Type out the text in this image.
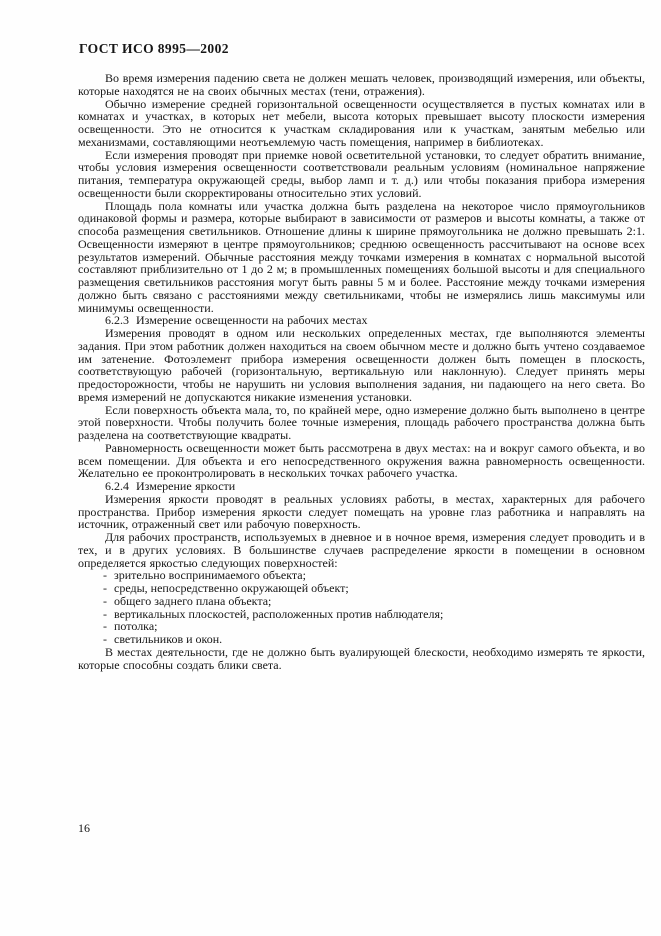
ГОСТ ИСО 8995—2002

Во время измерения падению света не должен мешать человек, производящий измерения, или объекты, которые находятся не на своих обычных местах (тени, отражения).

Обычно измерение средней горизонтальной освещенности осуществляется в пустых комнатах или в комнатах и участках, в которых нет мебели, высота которых превышает высоту плоскости измерения освещенности. Это не относится к участкам складирования или к участкам, занятым мебелью или механизмами, составляющими неотъемлемую часть помещения, например в библиотеках.

Если измерения проводят при приемке новой осветительной установки, то следует обратить внимание, чтобы условия измерения освещенности соответствовали реальным условиям (номинальное напряжение питания, температура окружающей среды, выбор ламп и т. д.) или чтобы показания прибора измерения освещенности были скорректированы относительно этих условий.

Площадь пола комнаты или участка должна быть разделена на некоторое число прямоугольников одинаковой формы и размера, которые выбирают в зависимости от размеров и высоты комнаты, а также от способа размещения светильников. Отношение длины к ширине прямоугольника не должно превышать 2:1. Освещенности измеряют в центре прямоугольников; среднюю освещенность рассчитывают на основе всех результатов измерений. Обычные расстояния между точками измерения в комнатах с нормальной высотой составляют приблизительно от 1 до 2 м; в промышленных помещениях большой высоты и для специального размещения светильников расстояния могут быть равны 5 м и более. Расстояние между точками измерения должно быть связано с расстояниями между светильниками, чтобы не измерялись лишь максимумы или минимумы освещенности.

6.2.3  Измерение освещенности на рабочих местах

Измерения проводят в одном или нескольких определенных местах, где выполняются элементы задания. При этом работник должен находиться на своем обычном месте и должно быть учтено создаваемое им затенение. Фотоэлемент прибора измерения освещенности должен быть помещен в плоскость, соответствующую рабочей (горизонтальную, вертикальную или наклонную). Следует принять меры предосторожности, чтобы не нарушить ни условия выполнения задания, ни падающего на него света. Во время измерений не допускаются никакие изменения установки.

Если поверхность объекта мала, то, по крайней мере, одно измерение должно быть выполнено в центре этой поверхности. Чтобы получить более точные измерения, площадь рабочего пространства должна быть разделена на соответствующие квадраты.

Равномерность освещенности может быть рассмотрена в двух местах: на и вокруг самого объекта, и во всем помещении. Для объекта и его непосредственного окружения важна равномерность освещенности. Желательно ее проконтролировать в нескольких точках рабочего участка.

6.2.4  Измерение яркости

Измерения яркости проводят в реальных условиях работы, в местах, характерных для рабочего пространства. Прибор измерения яркости следует помещать на уровне глаз работника и направлять на источник, отраженный свет или рабочую поверхность.

Для рабочих пространств, используемых в дневное и в ночное время, измерения следует проводить и в тех, и в других условиях. В большинстве случаев распределение яркости в помещении в основном определяется яркостью следующих поверхностей:

- зрительно воспринимаемого объекта;
- среды, непосредственно окружающей объект;
- общего заднего плана объекта;
- вертикальных плоскостей, расположенных против наблюдателя;
- потолка;
- светильников и окон.

В местах деятельности, где не должно быть вуалирующей блескости, необходимо измерять те яркости, которые способны создать блики света.

16
